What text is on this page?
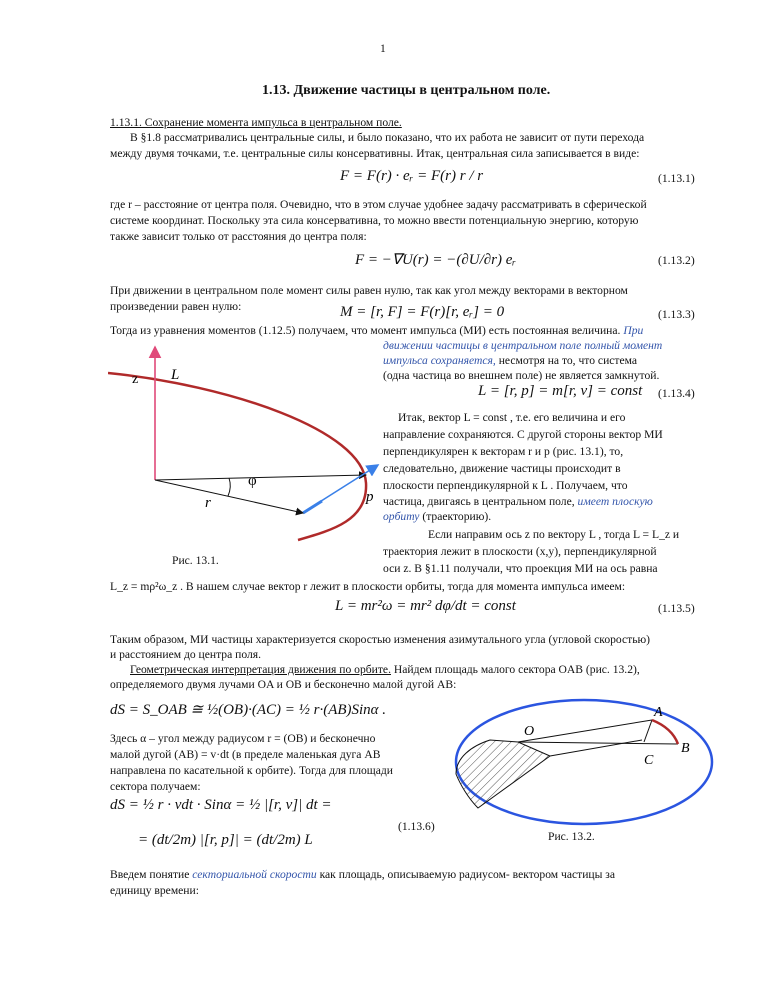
1
1.13. Движение частицы в центральном поле.
1.13.1. Сохранение момента импульса в центральном поле.
В §1.8 рассматривались центральные силы, и было показано, что их работа не зависит от пути перехода
между двумя точками, т.е. центральные силы консервативны. Итак, центральная сила записывается в виде:
F = F(r) · eᵣ = F(r) r / r	(1.13.1)
где r – расстояние от центра поля. Очевидно, что в этом случае удобнее задачу рассматривать в сферической
системе координат. Поскольку эта сила консервативна, то можно ввести потенциальную энергию, которую
также зависит только от расстояния до центра поля:
F = −∇U(r) = −(∂U/∂r) eᵣ	(1.13.2)
При движении в центральном поле момент силы равен нулю, так как угол между векторами в векторном
произведении равен нулю:	M = [r, F] = F(r)[r, eᵣ] = 0	(1.13.3)
Тогда из уравнения моментов (1.12.5) получаем, что момент импульса (МИ) есть постоянная величина. При
движении частицы в центральном поле полный момент
импульса сохраняется, несмотря на то, что система
(одна частица во внешнем поле) не является замкнутой.
L = [r, p] = m[r, v] = const (1.13.4)
Итак, вектор L = const , т.е. его величина и его
направление сохраняются. С другой стороны вектор МИ
перпендикулярен к векторам r и p (рис. 13.1), то,
следовательно, движение частицы происходит в
плоскости перпендикулярной к L . Получаем, что
частица, двигаясь в центральном поле, имеет плоскую
орбиту (траекторию).
Если направим ось z по вектору L , тогда L = L_z и
траектория лежит в плоскости (x,y), перпендикулярной
оси z. В §1.11 получали, что проекция МИ на ось равна
L_z = mρ²ω_z . В нашем случае вектор r лежит в плоскости орбиты, тогда для момента импульса имеем:
z L
φ
r	p
Рис. 13.1.
L = mr²ω = mr² dφ/dt = const	(1.13.5)
Таким образом, МИ частицы характеризуется скоростью изменения азимутального угла (угловой скоростью)
и расстоянием до центра поля.
Геометрическая интерпретация движения по орбите. Найдем площадь малого сектора OAB (рис. 13.2),
определяемого двумя лучами OA и OB и бесконечно малой дугой AB:
dS = S_OAB ≅ ½(OB)·(AC) = ½ r·(AB)Sinα .
Здесь α – угол между радиусом r = (OB) и бесконечно
малой дугой (AB) = v·dt (в пределе маленькая дуга AB
направлена по касательной к орбите). Тогда для площади
сектора получаем:
dS = ½ r · vdt · Sinα = ½ |[r, v]| dt =
= (dt/2m) |[r, p]| = (dt/2m) L
(1.13.6)
A
O
B
C
Рис. 13.2.
Введем понятие секториальной скорости как площадь, описываемую радиусом- вектором частицы за
единицу времени:
